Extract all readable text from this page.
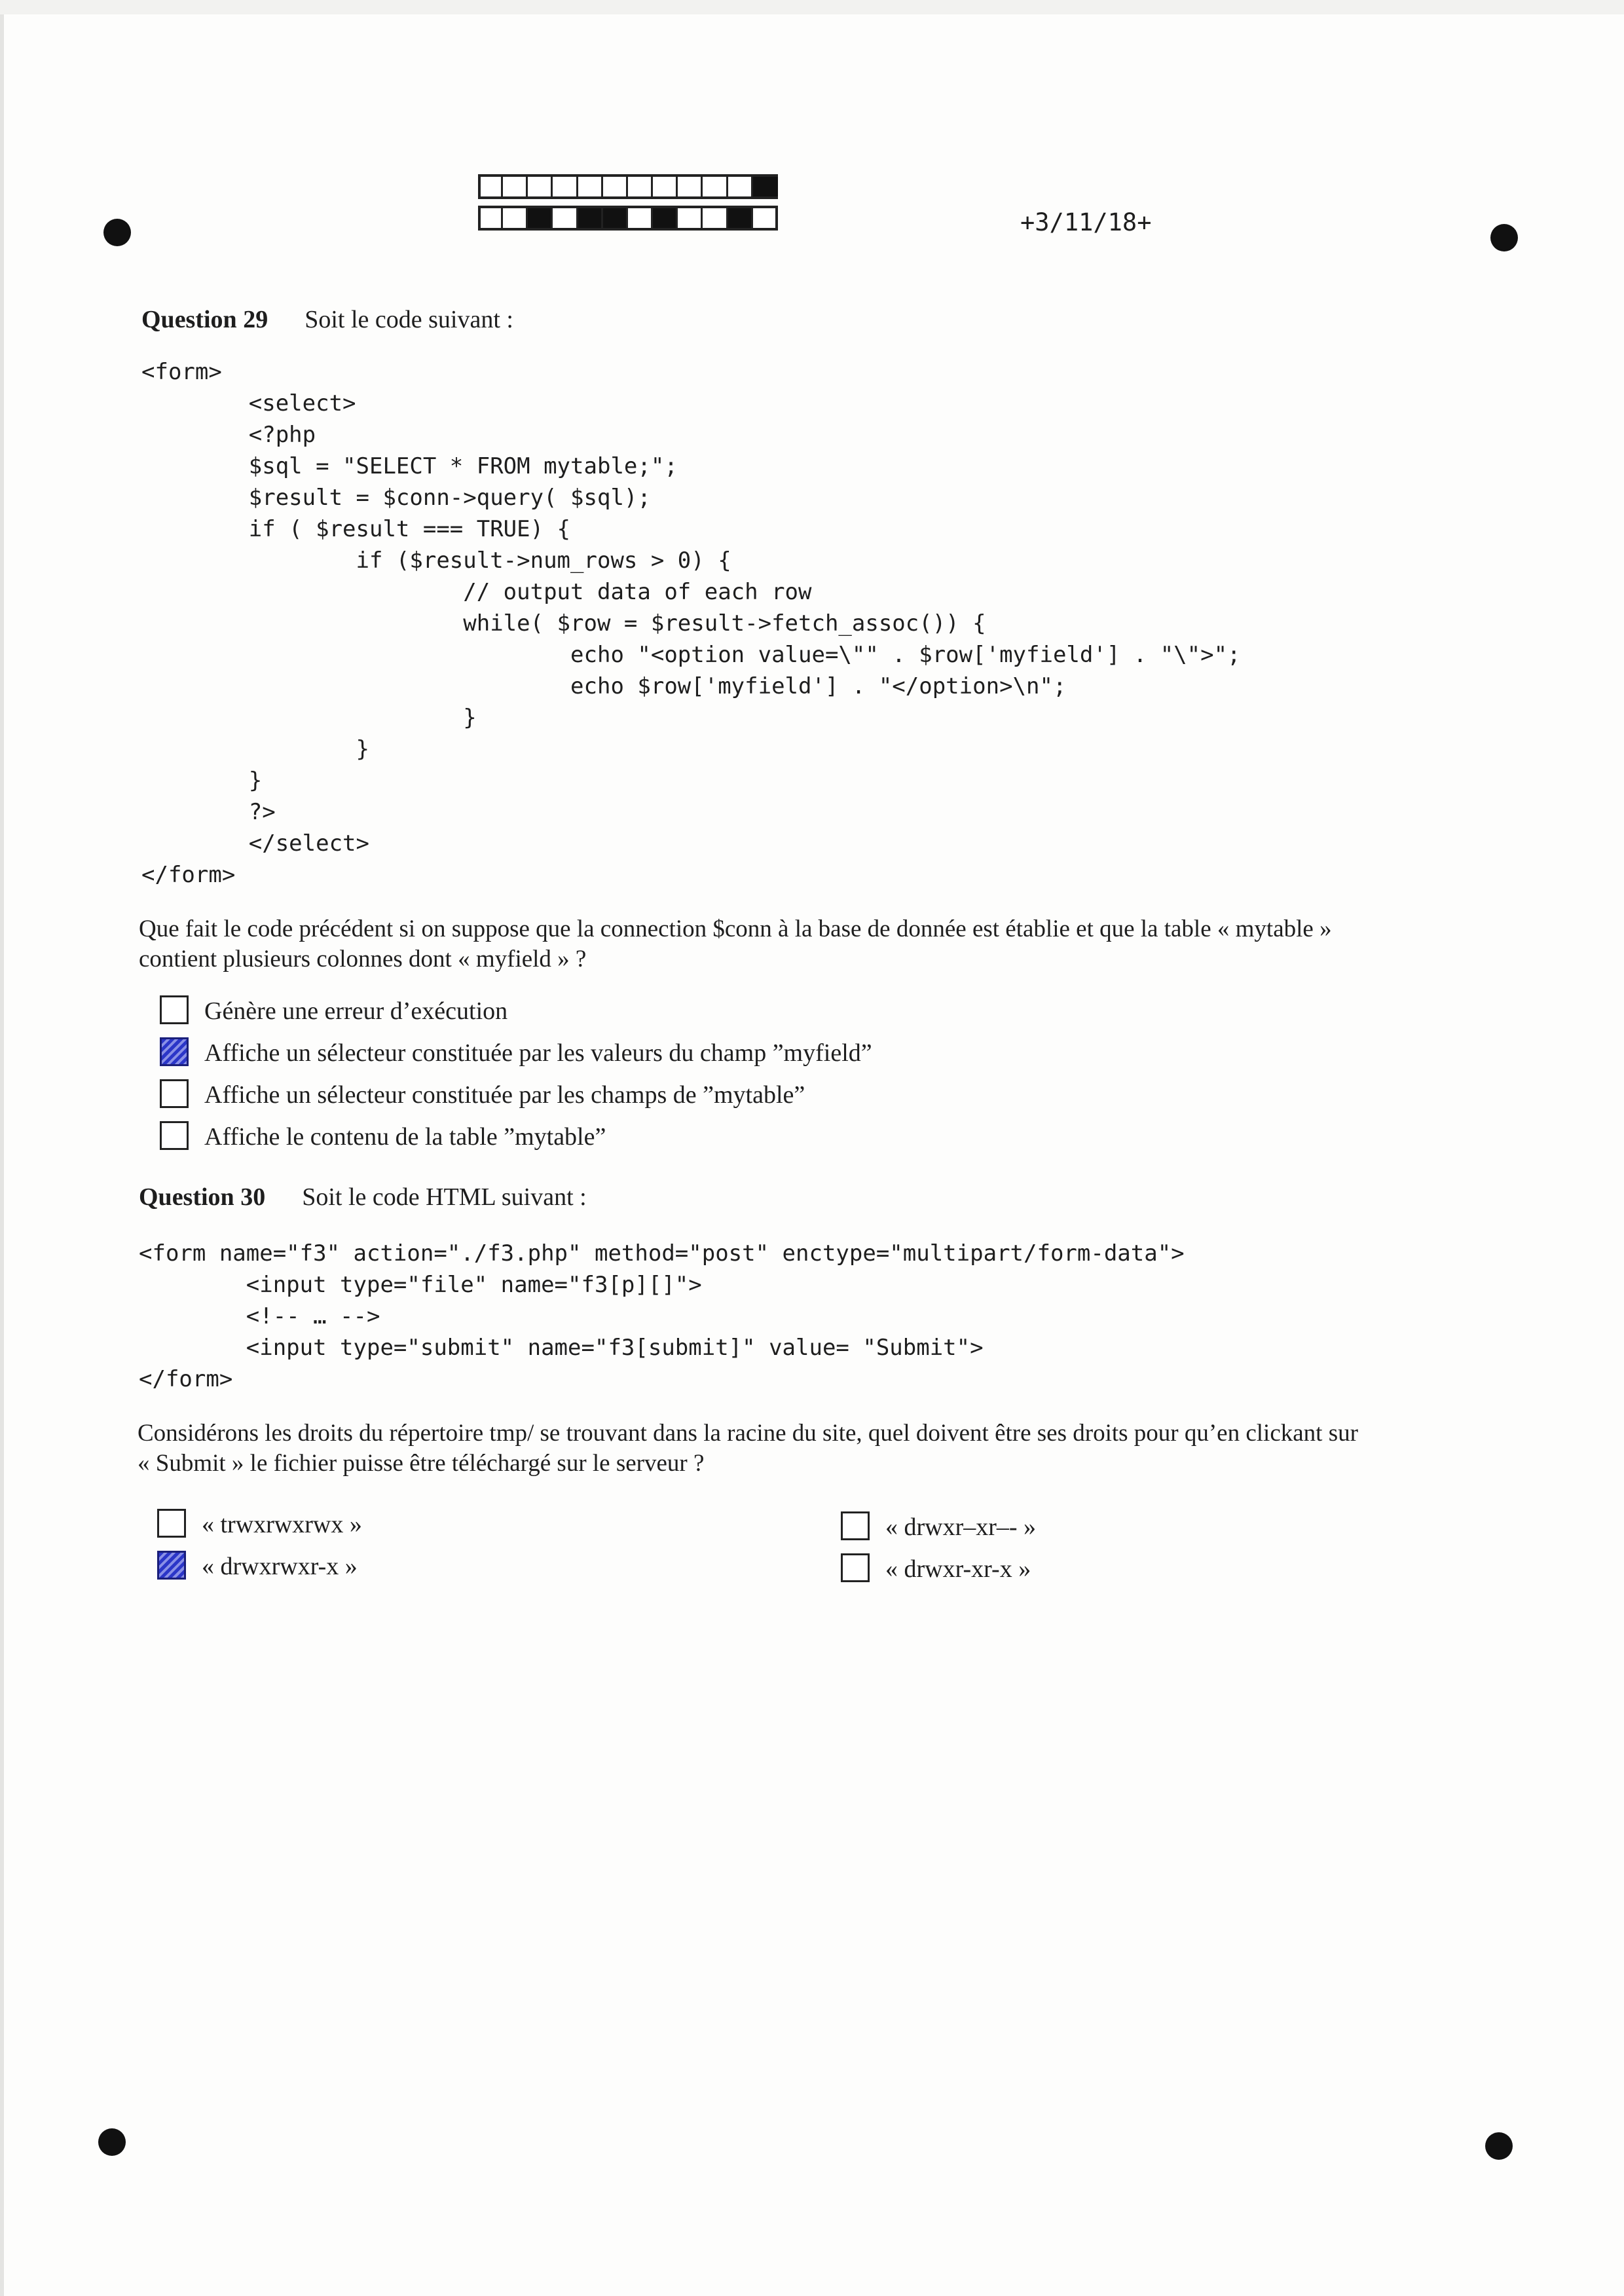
+3/11/18+
Question 29 Soit le code suivant :
<form>
<select>
<?php
$sql = "SELECT * FROM mytable;";
$result = $conn->query( $sql);
if ( $result === TRUE) {
if ($result->num_rows > 0) {
// output data of each row
while( $row = $result->fetch_assoc()) {
echo "<option value=\"" . $row['myfield'] . "\">";
echo $row['myfield'] . "</option>\n";
}
}
}
?>
</select>
</form>
Que fait le code précédent si on suppose que la connection $conn à la base de donnée est établie et que la table « mytable »
contient plusieurs colonnes dont « myfield » ?
Génère une erreur d’exécution
Affiche un sélecteur constituée par les valeurs du champ ”myfield”
Affiche un sélecteur constituée par les champs de ”mytable”
Affiche le contenu de la table ”mytable”
Question 30 Soit le code HTML suivant :
<form name="f3" action="./f3.php" method="post" enctype="multipart/form-data">
<input type="file" name="f3[p][]">
<!-- … -->
<input type="submit" name="f3[submit]" value= "Submit">
</form>
Considérons les droits du répertoire tmp/ se trouvant dans la racine du site, quel doivent être ses droits pour qu’en clickant sur
« Submit » le fichier puisse être téléchargé sur le serveur ?
« trwxrwxrwx »
« drwxrwxr-x »
« drwxr–xr–- »
« drwxr-xr-x »
